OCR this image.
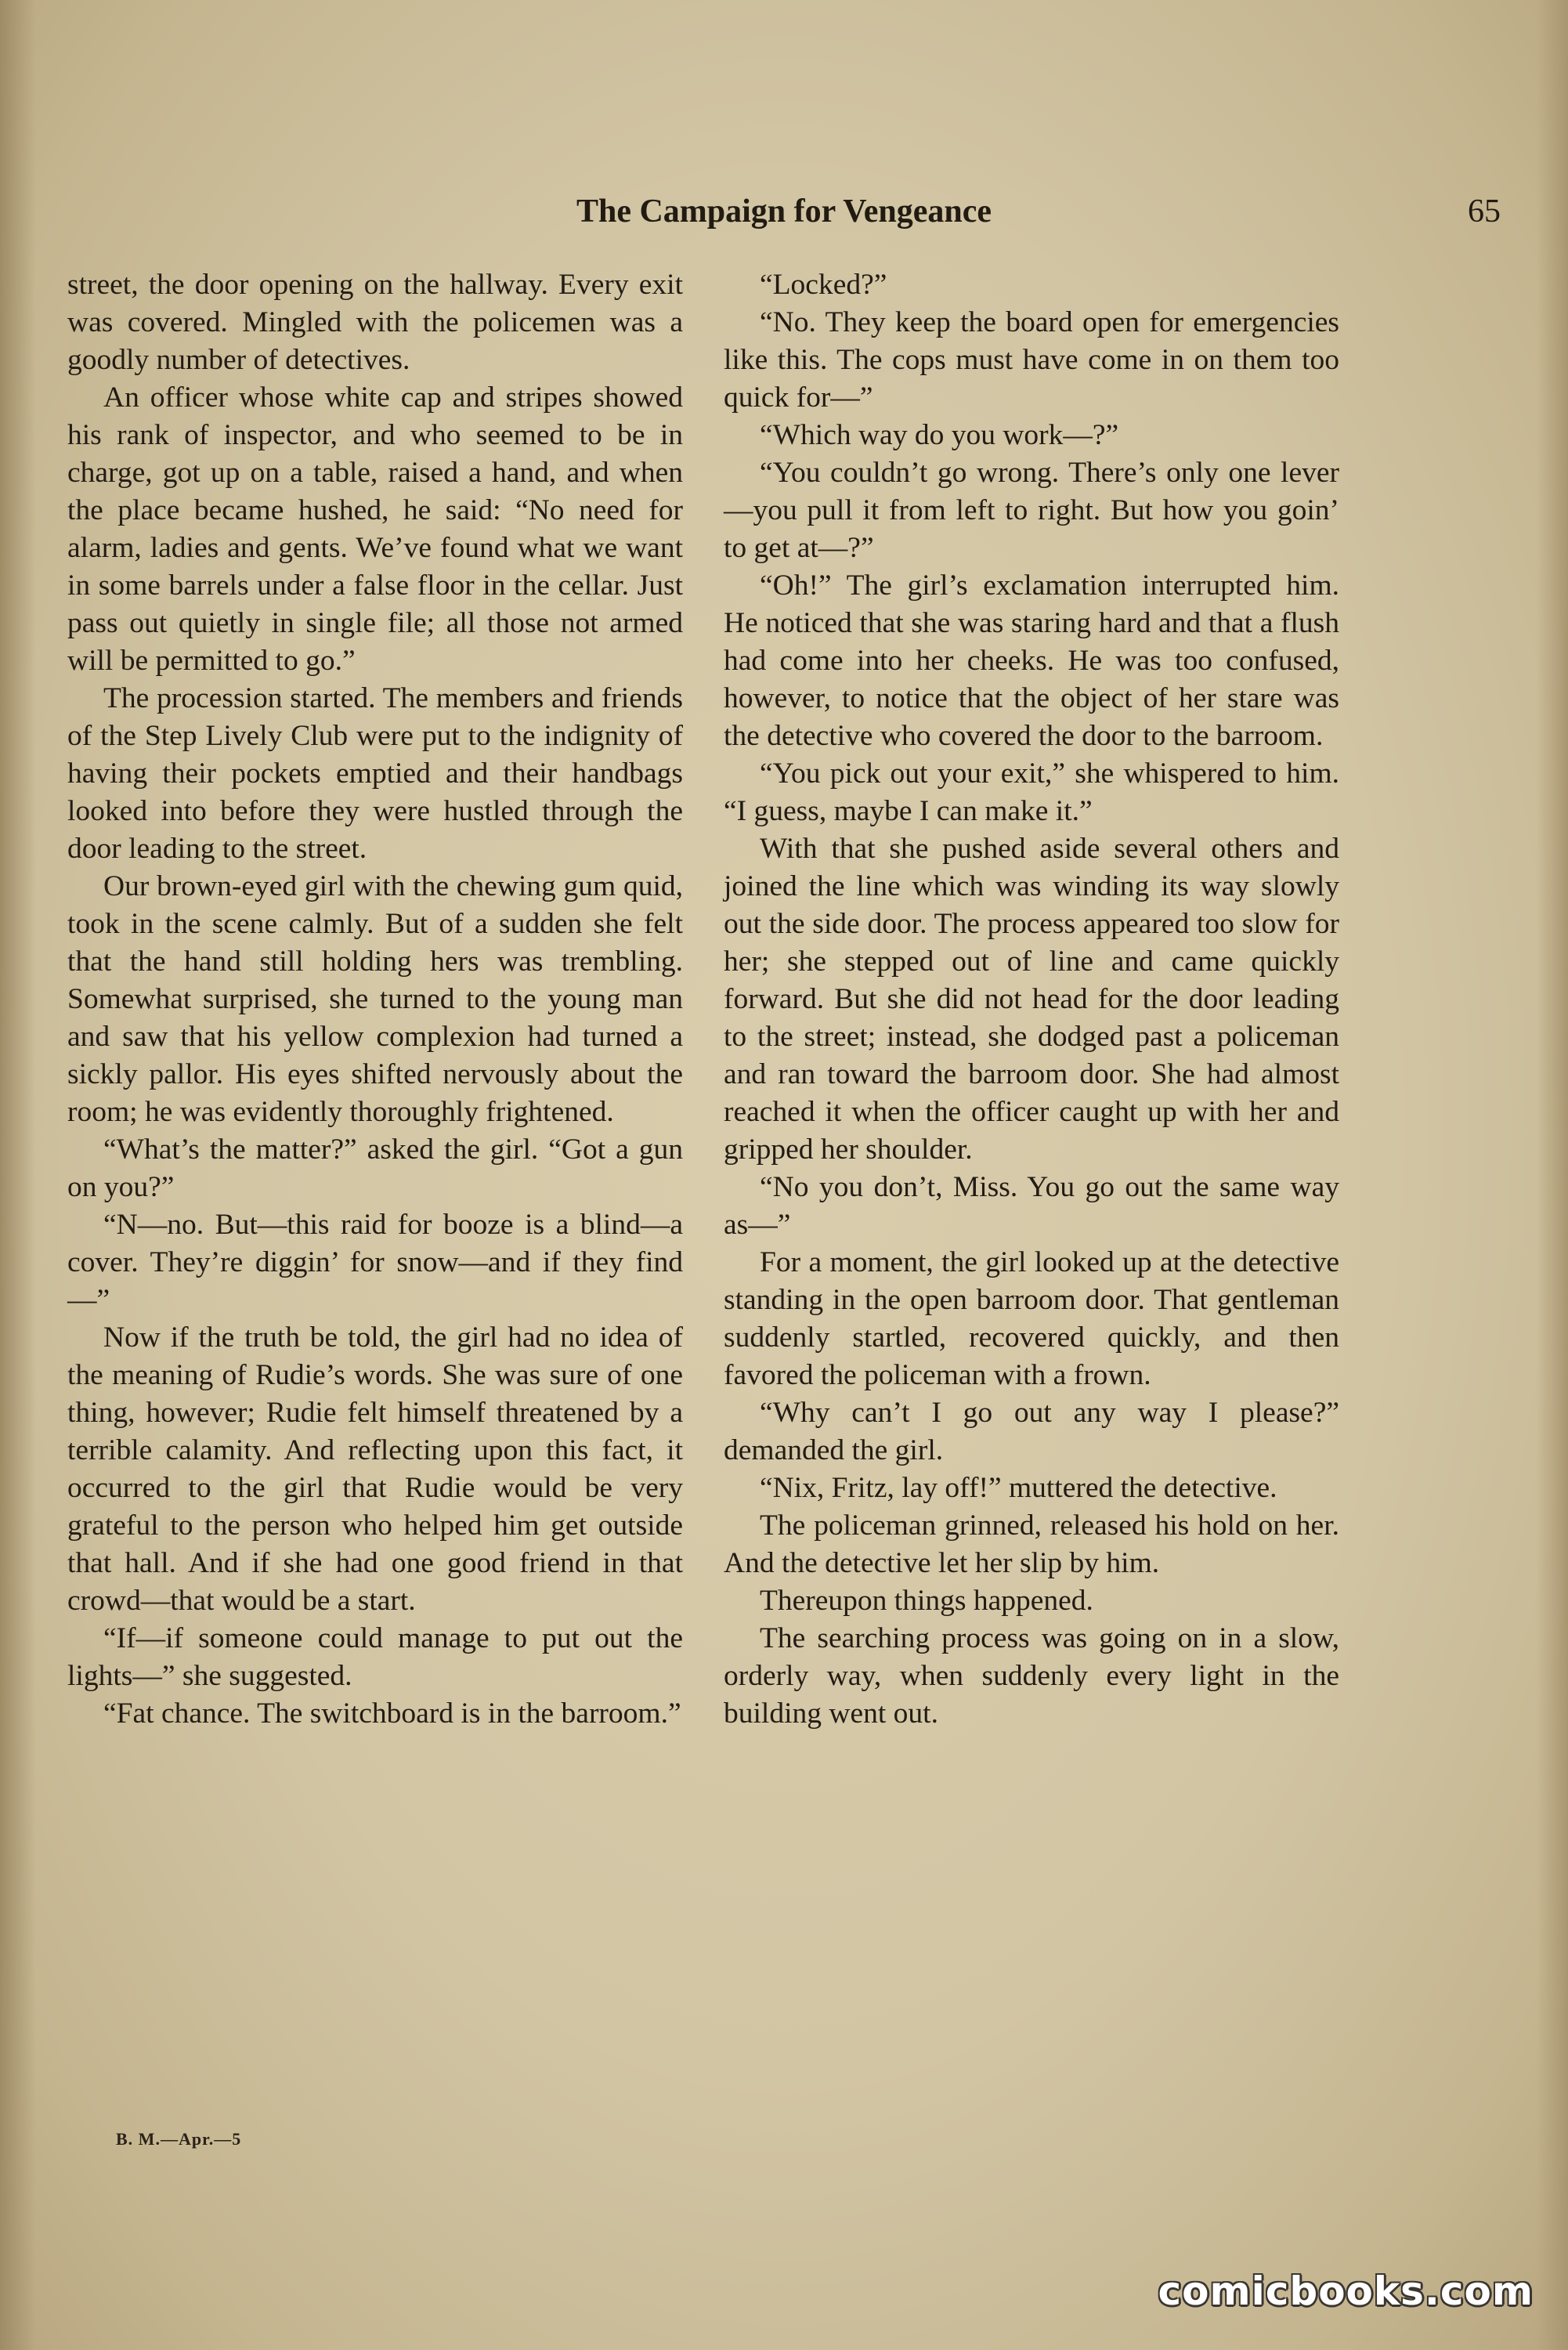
The Campaign for Vengeance	65

street, the door opening on the hallway. Every exit was covered. Mingled with the policemen was a goodly number of detectives.

An officer whose white cap and stripes showed his rank of inspector, and who seemed to be in charge, got up on a table, raised a hand, and when the place became hushed, he said: “No need for alarm, ladies and gents. We’ve found what we want in some barrels under a false floor in the cellar. Just pass out quietly in single file; all those not armed will be permitted to go.”

The procession started. The members and friends of the Step Lively Club were put to the indignity of having their pockets emptied and their handbags looked into before they were hustled through the door leading to the street.

Our brown-eyed girl with the chewing gum quid, took in the scene calmly. But of a sudden she felt that the hand still holding hers was trembling. Somewhat surprised, she turned to the young man and saw that his yellow complexion had turned a sickly pallor. His eyes shifted nervously about the room; he was evidently thoroughly frightened.

“What’s the matter?” asked the girl. “Got a gun on you?”

“N—no. But—this raid for booze is a blind—a cover. They’re diggin’ for snow—and if they find—”

Now if the truth be told, the girl had no idea of the meaning of Rudie’s words. She was sure of one thing, however; Rudie felt himself threatened by a terrible calamity. And reflecting upon this fact, it occurred to the girl that Rudie would be very grateful to the person who helped him get outside that hall. And if she had one good friend in that crowd—that would be a start.

“If—if someone could manage to put out the lights—” she suggested.

“Fat chance. The switchboard is in the barroom.”

B. M.—Apr.—5

“Locked?”

“No. They keep the board open for emergencies like this. The cops must have come in on them too quick for—”

“Which way do you work—?”

“You couldn’t go wrong. There’s only one lever—you pull it from left to right. But how you goin’ to get at—?”

“Oh!” The girl’s exclamation interrupted him. He noticed that she was staring hard and that a flush had come into her cheeks. He was too confused, however, to notice that the object of her stare was the detective who covered the door to the barroom.

“You pick out your exit,” she whispered to him. “I guess, maybe I can make it.”

With that she pushed aside several others and joined the line which was winding its way slowly out the side door. The process appeared too slow for her; she stepped out of line and came quickly forward. But she did not head for the door leading to the street; instead, she dodged past a policeman and ran toward the barroom door. She had almost reached it when the officer caught up with her and gripped her shoulder.

“No you don’t, Miss. You go out the same way as—”

For a moment, the girl looked up at the detective standing in the open barroom door. That gentleman suddenly startled, recovered quickly, and then favored the policeman with a frown.

“Why can’t I go out any way I please?” demanded the girl.

“Nix, Fritz, lay off!” muttered the detective.

The policeman grinned, released his hold on her. And the detective let her slip by him.

Thereupon things happened.

The searching process was going on in a slow, orderly way, when suddenly every light in the building went out.

comicbooks.com
